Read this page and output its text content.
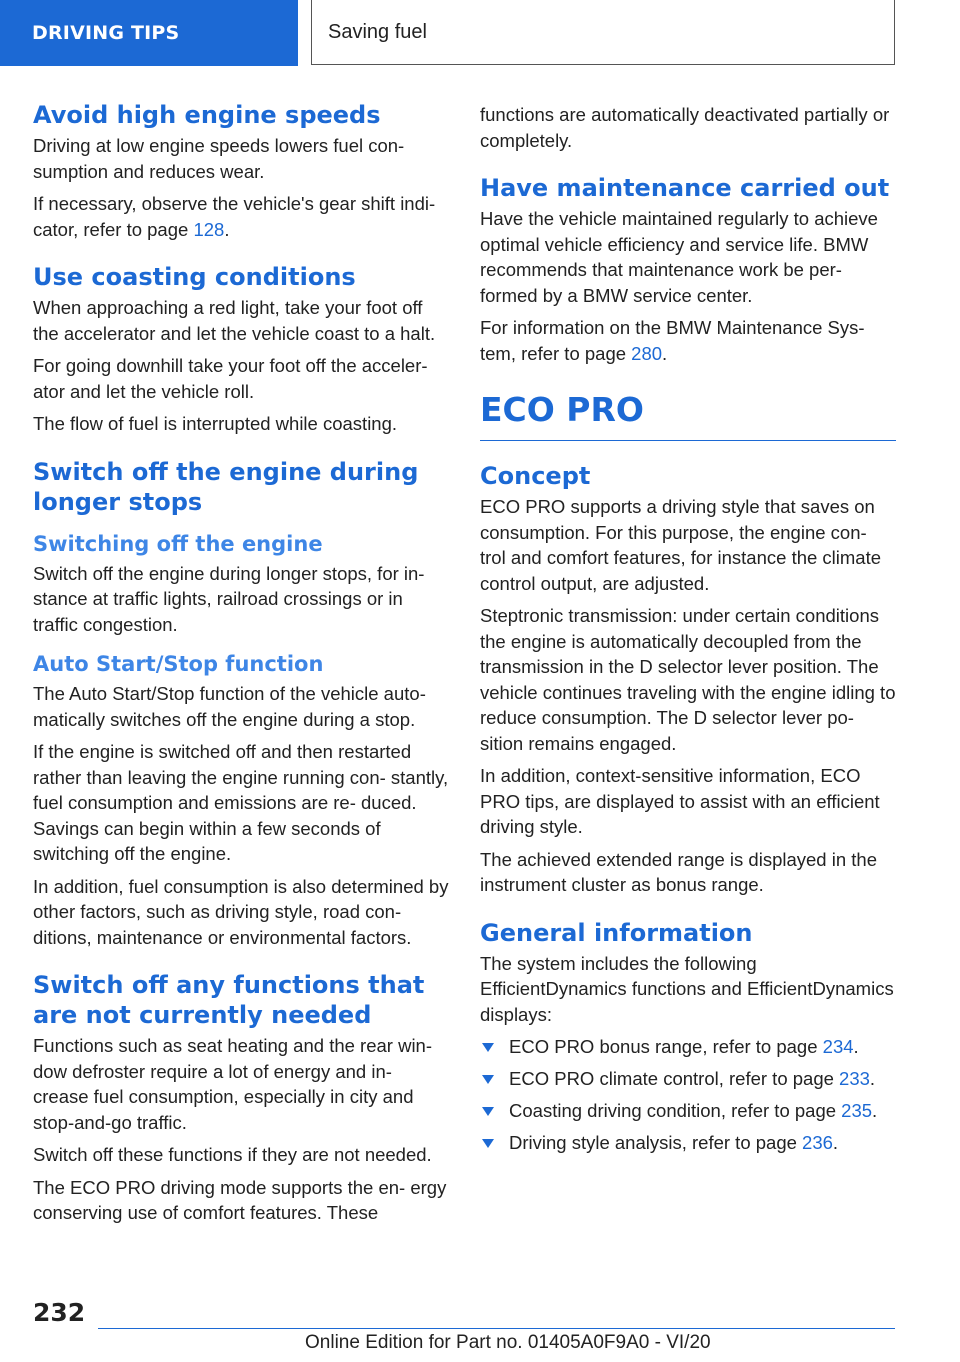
DRIVING TIPS	Saving fuel
Avoid high engine speeds

Driving at low engine speeds lowers fuel con- sumption and reduces wear.

If necessary, observe the vehicle's gear shift indi- cator, refer to page 128.

Use coasting conditions

When approaching a red light, take your foot off the accelerator and let the vehicle coast to a halt.

For going downhill take your foot off the acceler- ator and let the vehicle roll.

The flow of fuel is interrupted while coasting.

Switch off the engine during longer stops
Switching off the engine

Switch off the engine during longer stops, for in- stance at traffic lights, railroad crossings or in traffic congestion.

Auto Start/Stop function

The Auto Start/Stop function of the vehicle auto- matically switches off the engine during a stop.

If the engine is switched off and then restarted rather than leaving the engine running con- stantly, fuel consumption and emissions are re- duced. Savings can begin within a few seconds of switching off the engine.

In addition, fuel consumption is also determined by other factors, such as driving style, road con- ditions, maintenance or environmental factors.

Switch off any functions that are not currently needed

Functions such as seat heating and the rear win- dow defroster require a lot of energy and in- crease fuel consumption, especially in city and stop-and-go traffic.

Switch off these functions if they are not needed.

The ECO PRO driving mode supports the en- ergy conserving use of comfort features. These

functions are automatically deactivated partially or completely.

Have maintenance carried out

Have the vehicle maintained regularly to achieve optimal vehicle efficiency and service life. BMW recommends that maintenance work be per- formed by a BMW service center.

For information on the BMW Maintenance Sys- tem, refer to page 280.

ECO PRO
Concept

ECO PRO supports a driving style that saves on consumption. For this purpose, the engine con- trol and comfort features, for instance the climate control output, are adjusted.

Steptronic transmission: under certain conditions the engine is automatically decoupled from the transmission in the D selector lever position. The vehicle continues traveling with the engine idling to reduce consumption. The D selector lever po- sition remains engaged.

In addition, context-sensitive information, ECO PRO tips, are displayed to assist with an efficient driving style.

The achieved extended range is displayed in the instrument cluster as bonus range.

General information

The system includes the following EfficientDynamics functions and EfficientDynamics displays:

ECO PRO bonus range, refer to page 234.
ECO PRO climate control, refer to page 233.
Coasting driving condition, refer to page 235.
Driving style analysis, refer to page 236.
232
Online Edition for Part no. 01405A0F9A0 - VI/20
